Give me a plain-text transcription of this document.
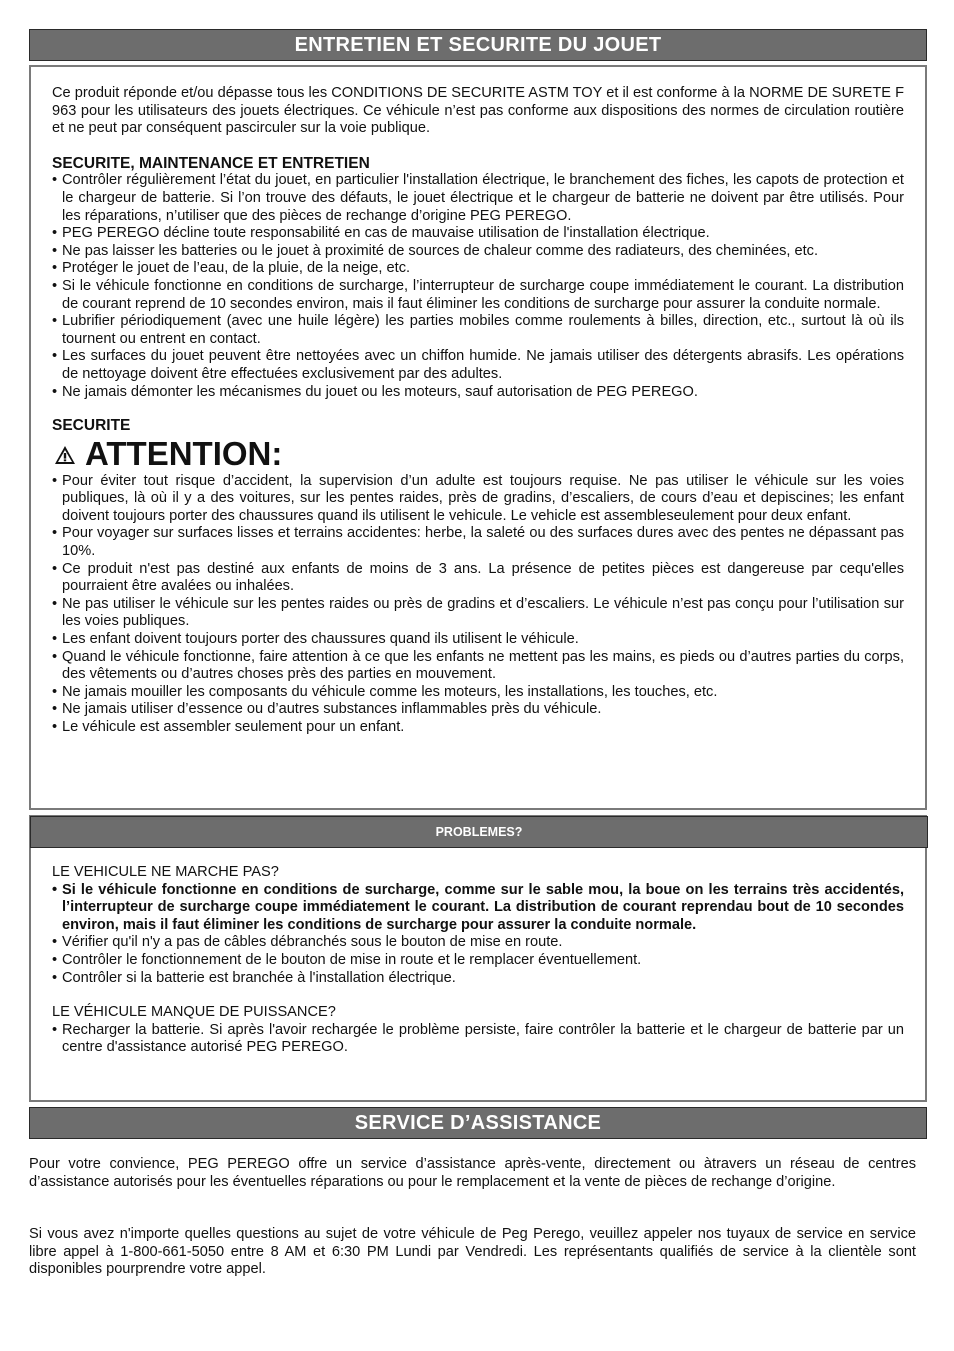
ENTRETIEN ET SECURITE DU JOUET

Ce produit réponde et/ou dépasse tous les CONDITIONS DE SECURITE ASTM TOY et il est conforme à la NORME DE SURETE F 963 pour les utilisateurs des jouets électriques. Ce véhicule n’est pas conforme aux dispositions des normes de circulation routière et ne peut par conséquent pascirculer sur la voie publique.

SECURITE, MAINTENANCE ET ENTRETIEN

• Contrôler régulièrement l’état du jouet, en particulier l'installation électrique, le branchement des fiches, les capots de protection et le chargeur de batterie. Si l’on trouve des défauts, le jouet électrique et le chargeur de batterie ne doivent par être utilisés. Pour les réparations, n’utiliser que des pièces de rechange d’origine PEG PEREGO.
• PEG PEREGO décline toute responsabilité en cas de mauvaise utilisation de l'installation électrique.
• Ne pas laisser les batteries ou le jouet à proximité de sources de chaleur comme des radiateurs, des cheminées, etc.
• Protéger le jouet de l’eau, de la pluie, de la neige, etc.
• Si le véhicule fonctionne en conditions de surcharge, l’interrupteur de surcharge coupe immédiatement le courant. La distribution de courant reprend de 10 secondes environ, mais il faut éliminer les conditions de surcharge pour assurer la conduite normale.
• Lubrifier périodiquement (avec une huile légère) les parties mobiles comme roulements à billes, direction, etc., surtout là où ils tournent ou entrent en contact.
• Les surfaces du jouet peuvent être nettoyées avec un chiffon humide. Ne jamais utiliser des détergents abrasifs. Les opérations de nettoyage doivent être effectuées exclusivement par des adultes.
• Ne jamais démonter les mécanismes du jouet ou les moteurs, sauf autorisation de PEG PEREGO.

SECURITE

ATTENTION:
• Pour éviter tout risque d’accident, la supervision d’un adulte est toujours requise. Ne pas utiliser le véhicule sur les voies publiques, là où il y a des voitures, sur les pentes raides, près de gradins, d’escaliers, de cours d’eau et depiscines; les enfant doivent toujours porter des chaussures quand ils utilisent le vehicule. Le vehicle est assembleseulement pour deux enfant.
• Pour voyager sur surfaces lisses et terrains accidentes: herbe, la saleté ou des surfaces dures avec des pentes ne dépassant pas 10%.
• Ce produit n'est pas destiné aux enfants de moins de 3 ans. La présence de petites pièces est dangereuse par cequ'elles pourraient être avalées ou inhalées.
• Ne pas utiliser le véhicule sur les pentes raides ou près de gradins et d’escaliers. Le véhicule n’est pas conçu pour l’utilisation sur les voies publiques.
• Les enfant doivent toujours porter des chaussures quand ils utilisent le véhicule.
• Quand le véhicule fonctionne, faire attention à ce que les enfants ne mettent pas les mains, es pieds ou d’autres parties du corps, des vêtements ou d’autres choses près des parties en mouvement.
• Ne jamais mouiller les composants du véhicule comme les moteurs, les installations, les touches, etc.
• Ne jamais utiliser d’essence ou d’autres substances inflammables près du véhicule.
• Le véhicule est assembler seulement pour un enfant.
PROBLEMES?

LE VEHICULE NE MARCHE PAS?

• Si le véhicule fonctionne en conditions de surcharge, comme sur le sable mou, la boue on les terrains très accidentés, l’interrupteur de surcharge coupe immédiatement le courant. La distribution de courant reprendau bout de 10 secondes environ, mais il faut éliminer les conditions de surcharge pour assurer la conduite normale.
• Vérifier qu'il n'y a pas de câbles débranchés sous le bouton de mise en route.
• Contrôler le fonctionnement de le bouton de mise in route et le remplacer éventuellement.
• Contrôler si la batterie est branchée à l'installation électrique.

LE VÉHICULE MANQUE DE PUISSANCE?

• Recharger la batterie. Si après l'avoir rechargée le problème persiste, faire contrôler la batterie et le chargeur de batterie par un centre d'assistance autorisé PEG PEREGO.
SERVICE D’ASSISTANCE

Pour votre convience, PEG PEREGO offre un service d’assistance après-vente, directement ou àtravers un réseau de centres d’assistance autorisés pour les éventuelles réparations ou pour le remplacement et la vente de pièces de rechange d’origine.

Si vous avez n'importe quelles questions au sujet de votre véhicule de Peg Perego, veuillez appeler nos tuyaux de service en service libre appel à 1-800-661-5050 entre 8 AM et 6:30 PM Lundi par Vendredi. Les représentants qualifiés de service à la clientèle sont disponibles pourprendre votre appel.
